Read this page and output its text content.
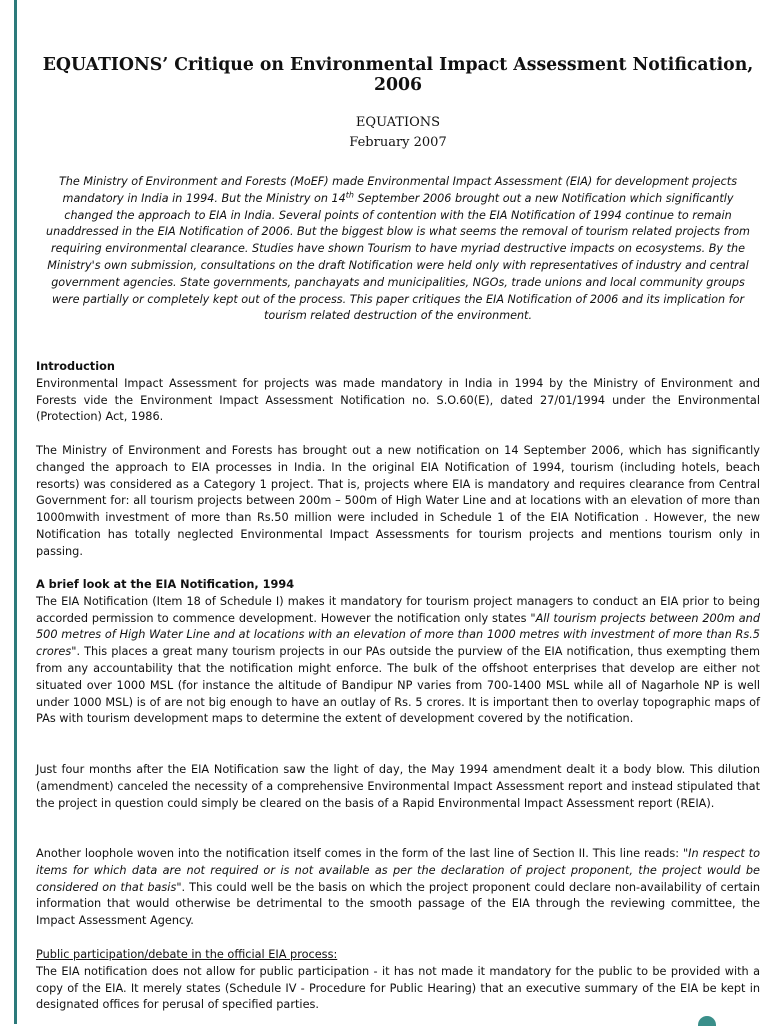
EQUATIONS’ Critique on Environmental Impact Assessment Notification,
2006
EQUATIONS
February 2007

The Ministry of Environment and Forests (MoEF) made Environmental Impact Assessment (EIA) for development projects mandatory in India in 1994. But the Ministry on 14th September 2006 brought out a new Notification which significantly changed the approach to EIA in India. Several points of contention with the EIA Notification of 1994 continue to remain unaddressed in the EIA Notification of 2006. But the biggest blow is what seems the removal of tourism related projects from requiring environmental clearance. Studies have shown Tourism to have myriad destructive impacts on ecosystems. By the Ministry's own submission, consultations on the draft Notification were held only with representatives of industry and central government agencies. State governments, panchayats and municipalities, NGOs, trade unions and local community groups were partially or completely kept out of the process. This paper critiques the EIA Notification of 2006 and its implication for tourism related destruction of the environment.

Introduction

Environmental Impact Assessment for projects was made mandatory in India in 1994 by the Ministry of Environment and Forests vide the Environment Impact Assessment Notification no. S.O.60(E), dated 27/01/1994 under the Environmental (Protection) Act, 1986.

The Ministry of Environment and Forests has brought out a new notification on 14 September 2006, which has significantly changed the approach to EIA processes in India. In the original EIA Notification of 1994, tourism (including hotels, beach resorts) was considered as a Category 1 project. That is, projects where EIA is mandatory and requires clearance from Central Government for: all tourism projects between 200m – 500m of High Water Line and at locations with an elevation of more than 1000mwith investment of more than Rs.50 million were included in Schedule 1 of the EIA Notification . However, the new Notification has totally neglected Environmental Impact Assessments for tourism projects and mentions tourism only in passing.

A brief look at the EIA Notification, 1994

The EIA Notification (Item 18 of Schedule I) makes it mandatory for tourism project managers to conduct an EIA prior to being accorded permission to commence development. However the notification only states "All tourism projects between 200m and 500 metres of High Water Line and at locations with an elevation of more than 1000 metres with investment of more than Rs.5 crores". This places a great many tourism projects in our PAs outside the purview of the EIA notification, thus exempting them from any accountability that the notification might enforce. The bulk of the offshoot enterprises that develop are either not situated over 1000 MSL (for instance the altitude of Bandipur NP varies from 700-1400 MSL while all of Nagarhole NP is well under 1000 MSL) is of are not big enough to have an outlay of Rs. 5 crores. It is important then to overlay topographic maps of PAs with tourism development maps to determine the extent of development covered by the notification.

Just four months after the EIA Notification saw the light of day, the May 1994 amendment dealt it a body blow. This dilution (amendment) canceled the necessity of a comprehensive Environmental Impact Assessment report and instead stipulated that the project in question could simply be cleared on the basis of a Rapid Environmental Impact Assessment report (REIA).

Another loophole woven into the notification itself comes in the form of the last line of Section II. This line reads: "In respect to items for which data are not required or is not available as per the declaration of project proponent, the project would be considered on that basis". This could well be the basis on which the project proponent could declare non-availability of certain information that would otherwise be detrimental to the smooth passage of the EIA through the reviewing committee, the Impact Assessment Agency.

Public participation/debate in the official EIA process:

The EIA notification does not allow for public participation - it has not made it mandatory for the public to be provided with a copy of the EIA. It merely states (Schedule IV - Procedure for Public Hearing) that an executive summary of the EIA be kept in designated offices for perusal of specified parties.
